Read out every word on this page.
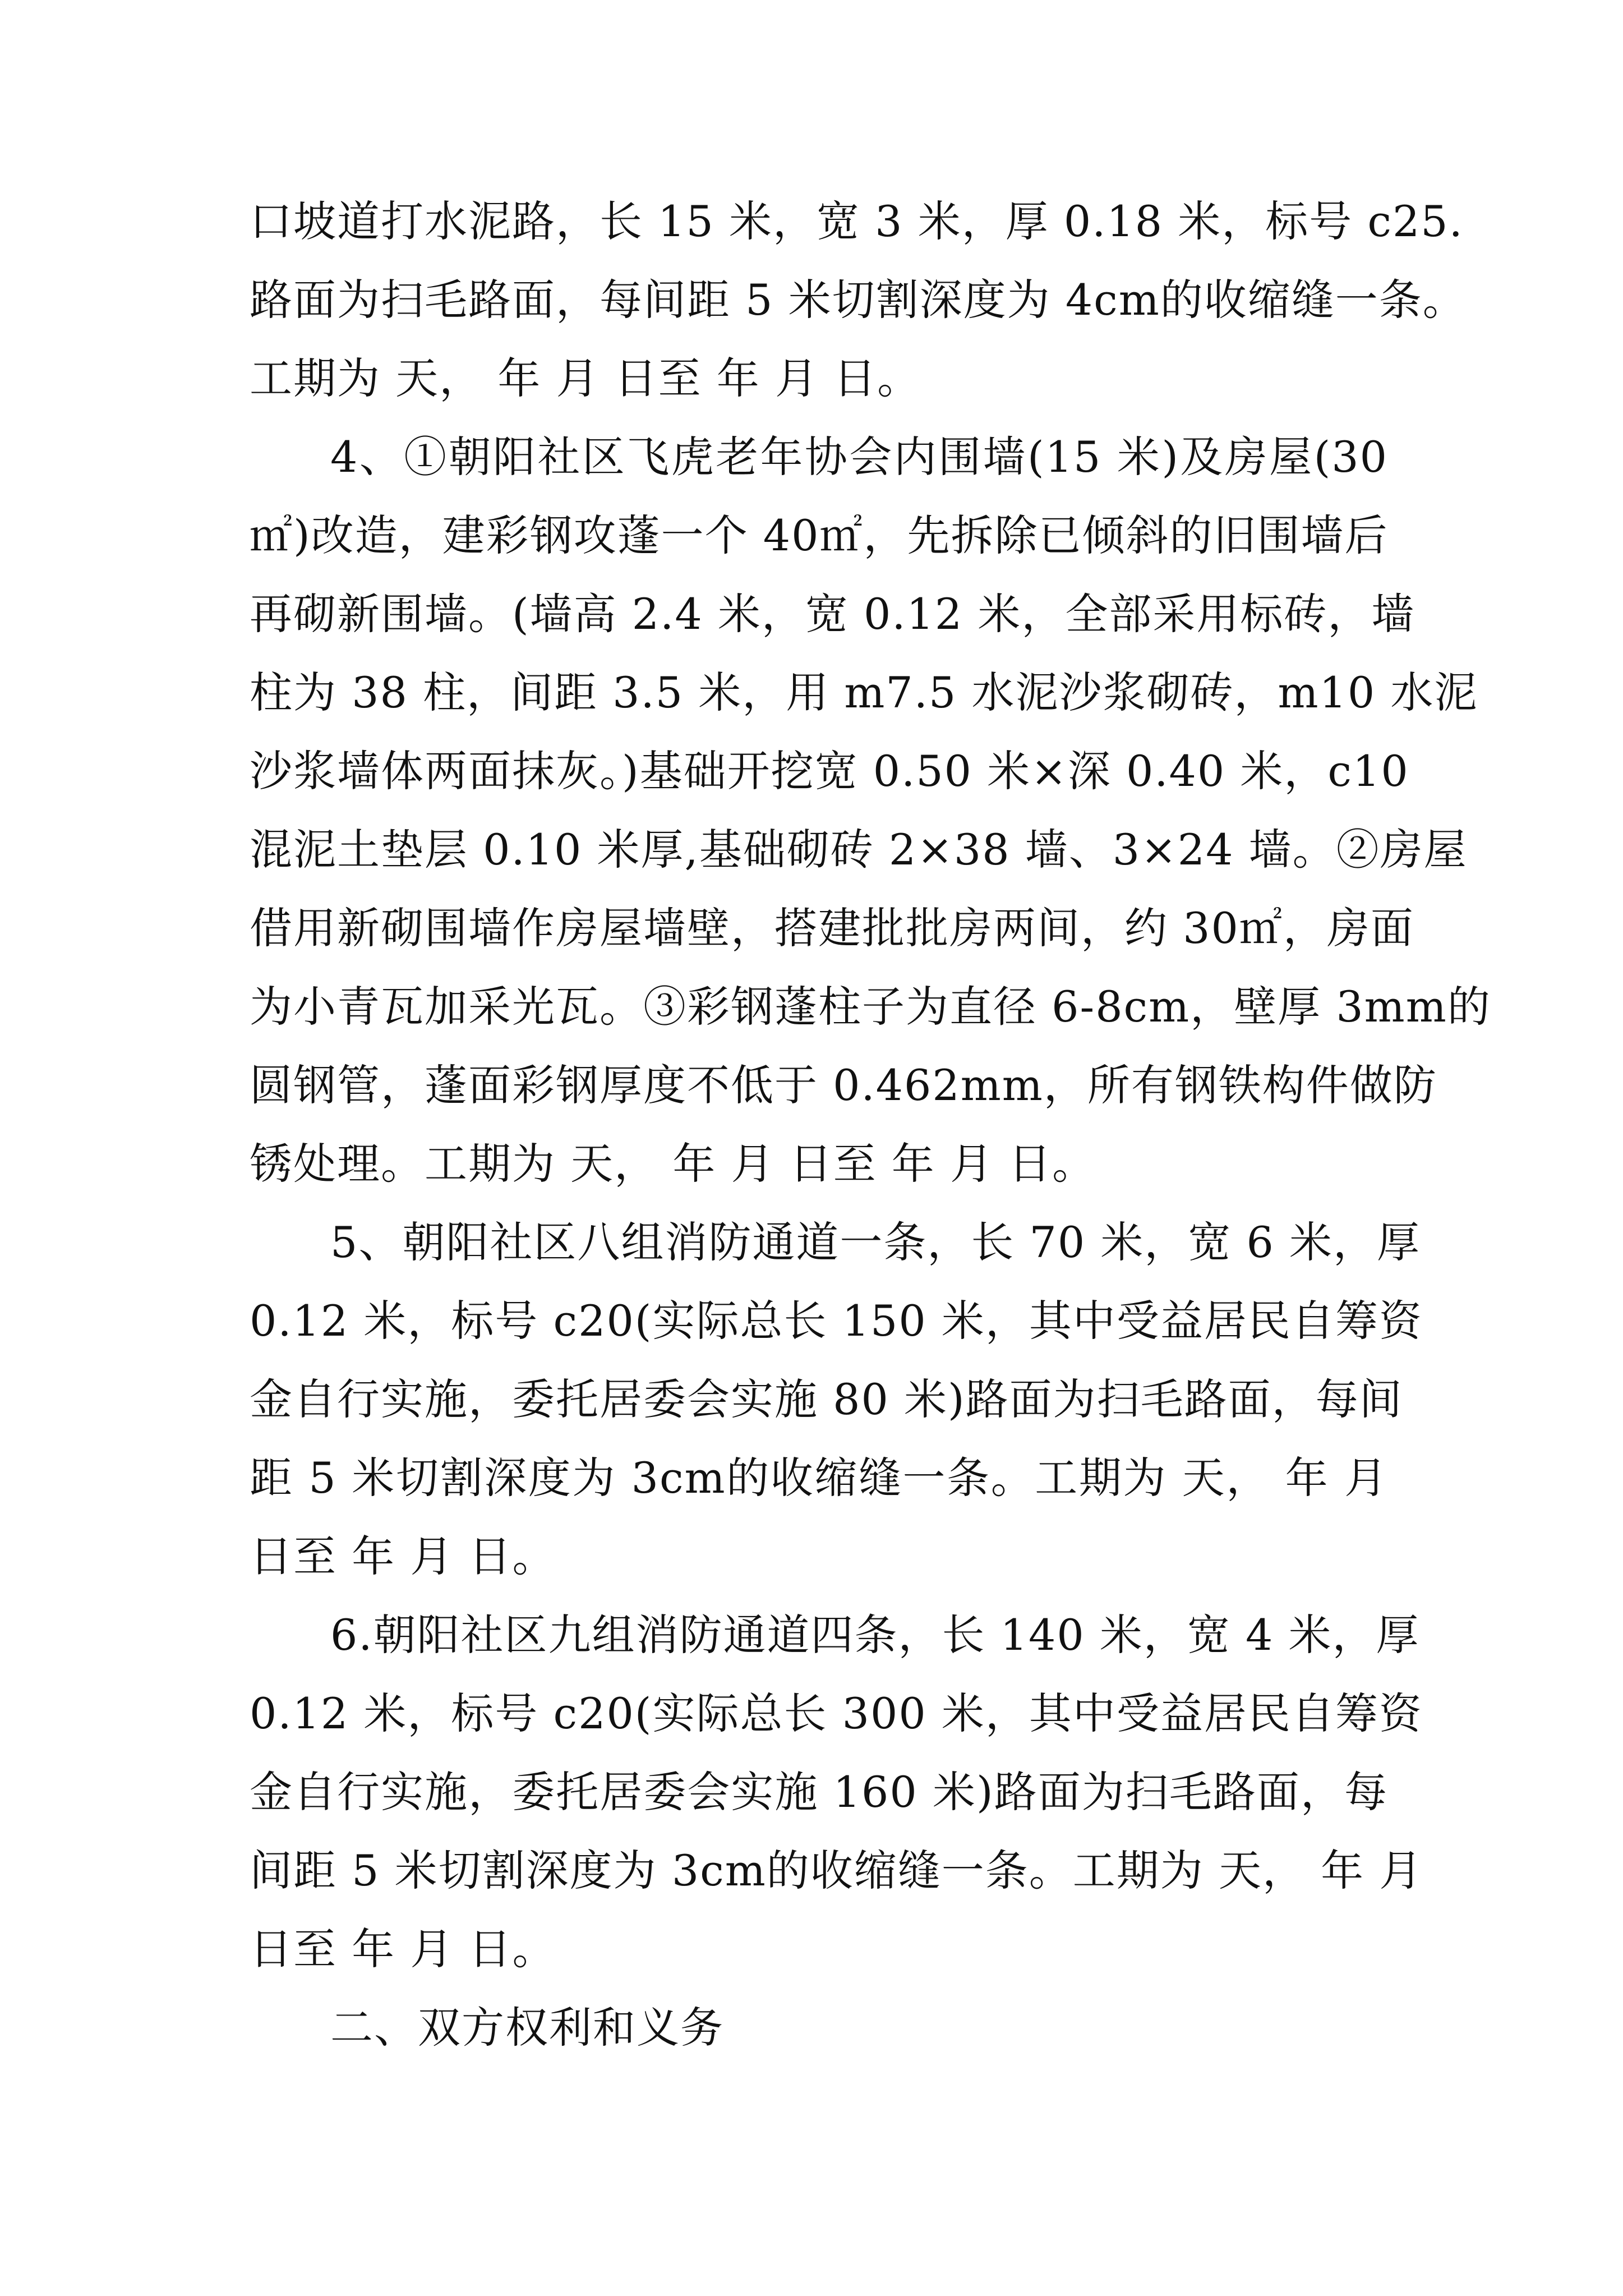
口坡道打水泥路，长 15 米，宽 3 米，厚 0.18 米，标号 c25.
路面为扫毛路面，每间距 5 米切割深度为 4cm的收缩缝一条。
工期为 天， 年 月 日至 年 月 日。
4、①朝阳社区飞虎老年协会内围墙(15 米)及房屋(30
㎡)改造，建彩钢攻蓬一个 40㎡，先拆除已倾斜的旧围墙后
再砌新围墙。(墙高 2.4 米，宽 0.12 米，全部采用标砖，墙
柱为 38 柱，间距 3.5 米，用 m7.5 水泥沙浆砌砖，m10 水泥
沙浆墙体两面抹灰。)基础开挖宽 0.50 米×深 0.40 米，c10
混泥土垫层 0.10 米厚,基础砌砖 2×38 墙、3×24 墙。②房屋
借用新砌围墙作房屋墙壁，搭建批批房两间，约 30㎡，房面
为小青瓦加采光瓦。③彩钢蓬柱子为直径 6-8cm，壁厚 3mm的
圆钢管，蓬面彩钢厚度不低于 0.462mm，所有钢铁构件做防
锈处理。工期为 天， 年 月 日至 年 月 日。
5、朝阳社区八组消防通道一条，长 70 米，宽 6 米，厚
0.12 米，标号 c20(实际总长 150 米，其中受益居民自筹资
金自行实施，委托居委会实施 80 米)路面为扫毛路面，每间
距 5 米切割深度为 3cm的收缩缝一条。工期为 天， 年 月
日至 年 月 日。
6.朝阳社区九组消防通道四条，长 140 米，宽 4 米，厚
0.12 米，标号 c20(实际总长 300 米，其中受益居民自筹资
金自行实施，委托居委会实施 160 米)路面为扫毛路面，每
间距 5 米切割深度为 3cm的收缩缝一条。工期为 天， 年 月
日至 年 月 日。
二、双方权利和义务
